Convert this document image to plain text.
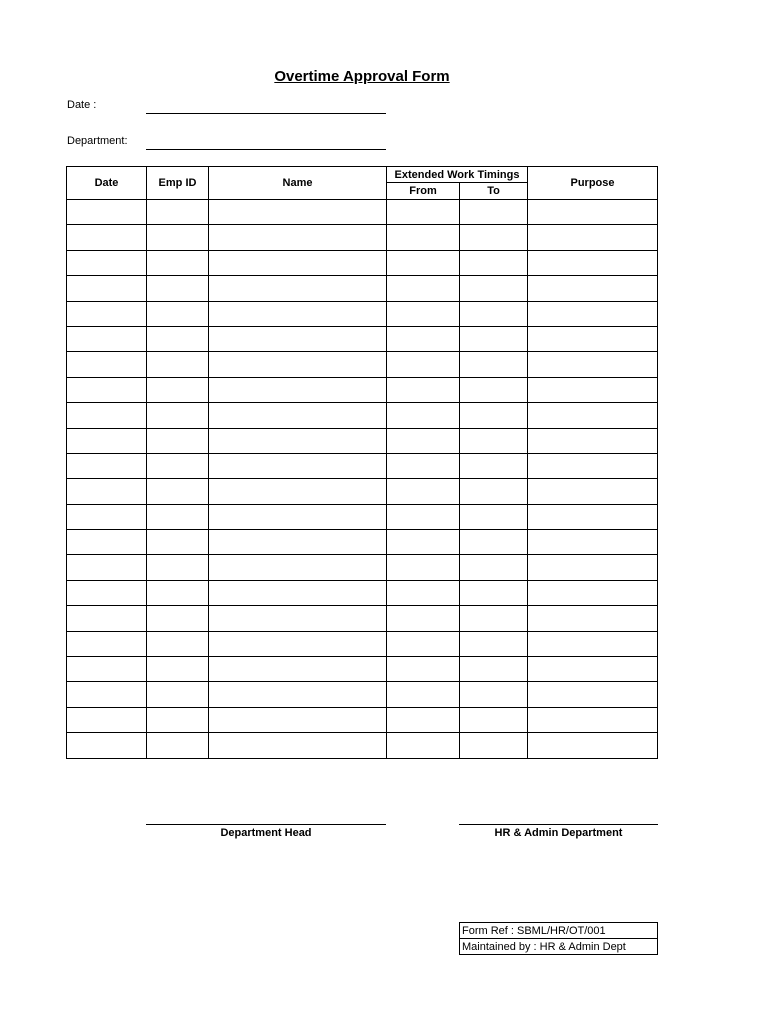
Overtime Approval Form
Date :
Department:
Date	Emp ID	Name	Extended Work Timings		Purpose
			From	To	

Department Head	HR & Admin Department
Form Ref : SBML/HR/OT/001
Maintained by : HR & Admin Dept
